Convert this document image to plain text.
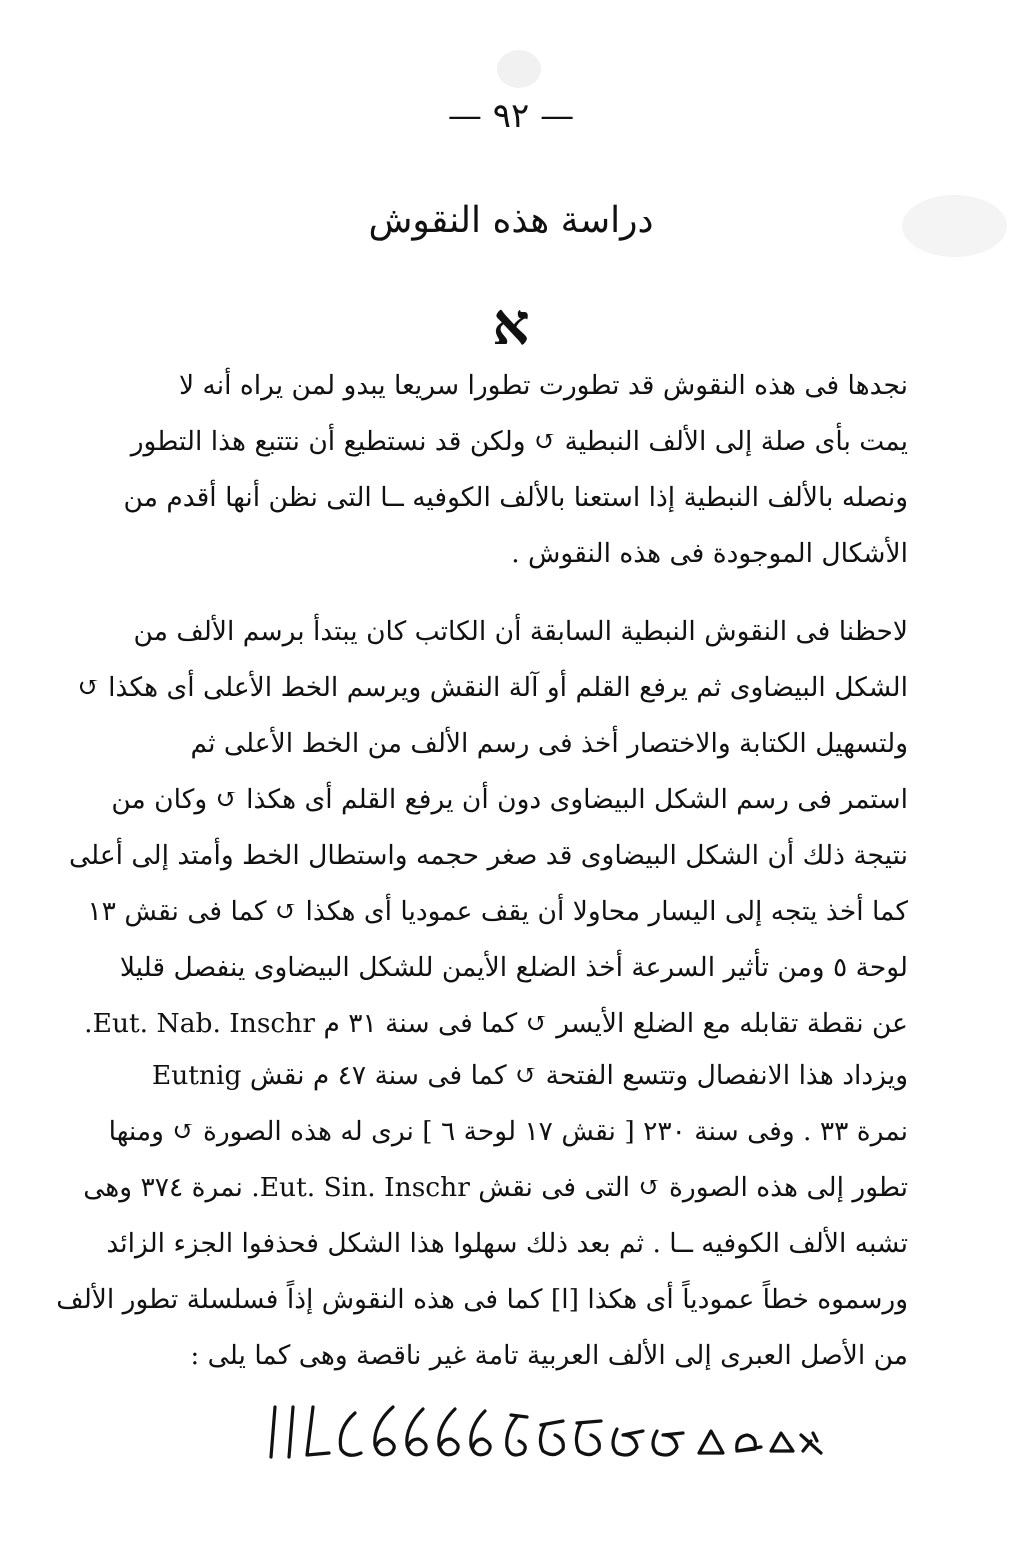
— ٩٢ —
دراسة هذه النقوش
א
نجدها فى هذه النقوش قد تطورت تطورا سريعا يبدو لمن يراه أنه لا
يمت بأى صلة إلى الألف النبطية ↺ ولكن قد نستطيع أن نتتبع هذا التطور
ونصله بالألف النبطية إذا استعنا بالألف الكوفيه ــا التى نظن أنها أقدم من
الأشكال الموجودة فى هذه النقوش .
لاحظنا فى النقوش النبطية السابقة أن الكاتب كان يبتدأ برسم الألف من
الشكل البيضاوى ثم يرفع القلم أو آلة النقش ويرسم الخط الأعلى أى هكذا ↺
ولتسهيل الكتابة والاختصار أخذ فى رسم الألف من الخط الأعلى ثم
استمر فى رسم الشكل البيضاوى دون أن يرفع القلم أى هكذا ↺ وكان من
نتيجة ذلك أن الشكل البيضاوى قد صغر حجمه واستطال الخط وأمتد إلى أعلى
كما أخذ يتجه إلى اليسار محاولا أن يقف عموديا أى هكذا ↺ كما فى نقش ١٣
لوحة ٥ ومن تأثير السرعة أخذ الضلع الأيمن للشكل البيضاوى ينفصل قليلا
عن نقطة تقابله مع الضلع الأيسر ↺ كما فى سنة ٣١ م Eut. Nab. Inschr.
ويزداد هذا الانفصال وتتسع الفتحة ↺ كما فى سنة ٤٧ م نقش Eutnig
نمرة ٣٣ . وفى سنة ٢٣٠ [ نقش ١٧ لوحة ٦ ] نرى له هذه الصورة ↺ ومنها
تطور إلى هذه الصورة ↺ التى فى نقش Eut. Sin. Inschr. نمرة ٣٧٤ وهى
تشبه الألف الكوفيه ــا . ثم بعد ذلك سهلوا هذا الشكل فحذفوا الجزء الزائد
ورسموه خطاً عمودياً أى هكذا [ا] كما فى هذه النقوش إذاً فسلسلة تطور الألف
من الأصل العبرى إلى الألف العربية تامة غير ناقصة وهى كما يلى :
